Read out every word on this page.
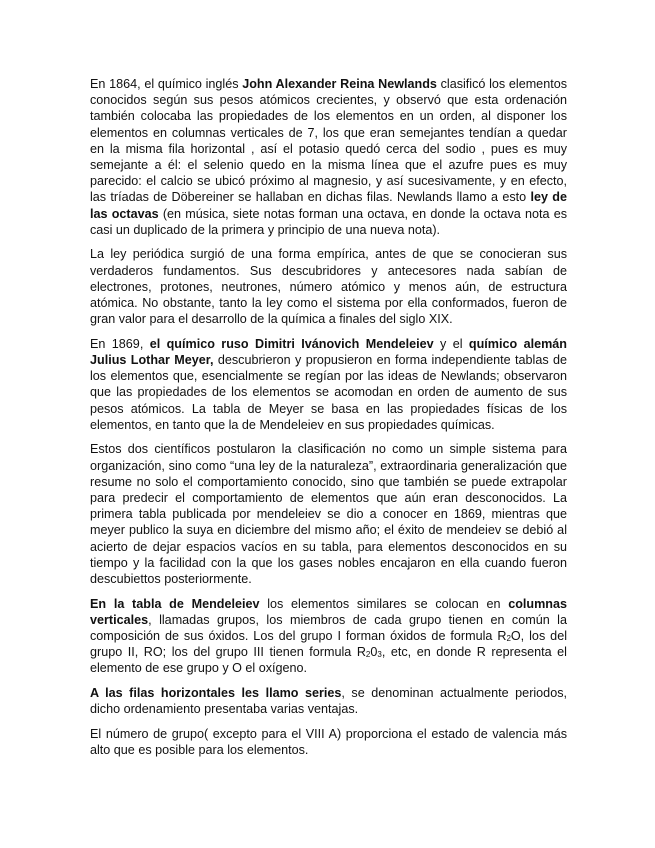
En 1864, el químico inglés John Alexander Reina Newlands clasificó los elementos conocidos según sus pesos atómicos crecientes, y observó que esta ordenación también colocaba las propiedades de los elementos en un orden, al disponer los elementos en columnas verticales de 7, los que eran semejantes tendían a quedar en la misma fila horizontal , así el potasio quedó cerca del sodio , pues es muy semejante a él: el selenio quedo en la misma línea que el azufre pues es muy parecido: el calcio se ubicó próximo al magnesio, y así sucesivamente, y en efecto, las tríadas de Döbereiner se hallaban en dichas filas. Newlands llamo a esto ley de las octavas (en música, siete notas forman una octava, en donde la octava nota es casi un duplicado de la primera y principio de una nueva nota).

La ley periódica surgió de una forma empírica, antes de que se conocieran sus verdaderos fundamentos. Sus descubridores y antecesores nada sabían de electrones, protones, neutrones, número atómico y menos aún, de estructura atómica. No obstante, tanto la ley como el sistema por ella conformados, fueron de gran valor para el desarrollo de la química a finales del siglo XIX.

En 1869, el químico ruso Dimitri Ivánovich Mendeleiev y el químico alemán Julius Lothar Meyer, descubrieron y propusieron en forma independiente tablas de los elementos que, esencialmente se regían por las ideas de Newlands; observaron que las propiedades de los elementos se acomodan en orden de aumento de sus pesos atómicos. La tabla de Meyer se basa en las propiedades físicas de los elementos, en tanto que la de Mendeleiev en sus propiedades químicas.

Estos dos científicos postularon la clasificación no como un simple sistema para organización, sino como “una ley de la naturaleza”, extraordinaria generalización que resume no solo el comportamiento conocido, sino que también se puede extrapolar para predecir el comportamiento de elementos que aún eran desconocidos. La primera tabla publicada por mendeleiev se dio a conocer en 1869, mientras que meyer publico la suya en diciembre del mismo año; el éxito de mendeiev se debió al acierto de dejar espacios vacíos en su tabla, para elementos desconocidos en su tiempo y la facilidad con la que los gases nobles encajaron en ella cuando fueron descubiettos posteriormente.

En la tabla de Mendeleiev los elementos similares se colocan en columnas verticales, llamadas grupos, los miembros de cada grupo tienen en común la composición de sus óxidos. Los del grupo I forman óxidos de formula $R_2O$, los del grupo II, RO; los del grupo III tienen formula $R_20_3$, etc, en donde R representa el elemento de ese grupo y O el oxígeno.

A las filas horizontales les llamo series, se denominan actualmente periodos, dicho ordenamiento presentaba varias ventajas.

El número de grupo( excepto para el VIII A) proporciona el estado de valencia más alto que es posible para los elementos.
